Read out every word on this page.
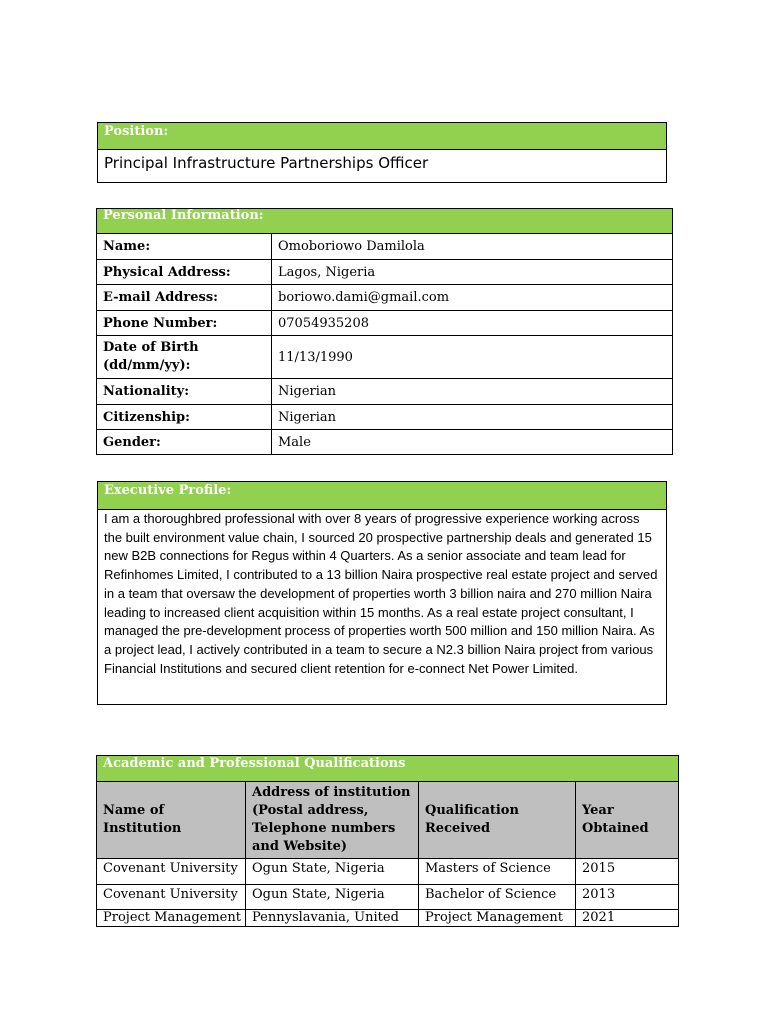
Position:
Principal Infrastructure Partnerships Officer
Personal Information:	
Name:	Omoboriowo Damilola
Physical Address:	Lagos, Nigeria
E-mail Address:	boriowo.dami@gmail.com
Phone Number:	07054935208
Date of Birth (dd/mm/yy):	11/13/1990
Nationality:	Nigerian
Citizenship:	Nigerian
Gender:	Male
Executive Profile:
I am a thoroughbred professional with over 8 years of progressive experience working across the built environment value chain, I sourced 20 prospective partnership deals and generated 15 new B2B connections for Regus within 4 Quarters. As a senior associate and team lead for Refinhomes Limited, I contributed to a 13 billion Naira prospective real estate project and served in a team that oversaw the development of properties worth 3 billion naira and 270 million Naira leading to increased client acquisition within 15 months. As a real estate project consultant, I managed the pre-development process of properties worth 500 million and 150 million Naira. As a project lead, I actively contributed in a team to secure a N2.3 billion Naira project from various Financial Institutions and secured client retention for e-connect Net Power Limited.
Academic and Professional Qualifications			
Name of Institution	Address of institution (Postal address, Telephone numbers and Website)	Qualification Received	Year Obtained
Covenant University	Ogun State, Nigeria	Masters of Science	2015
Covenant University	Ogun State, Nigeria	Bachelor of Science	2013
Project Management	Pennyslavania, United	Project Management	2021
